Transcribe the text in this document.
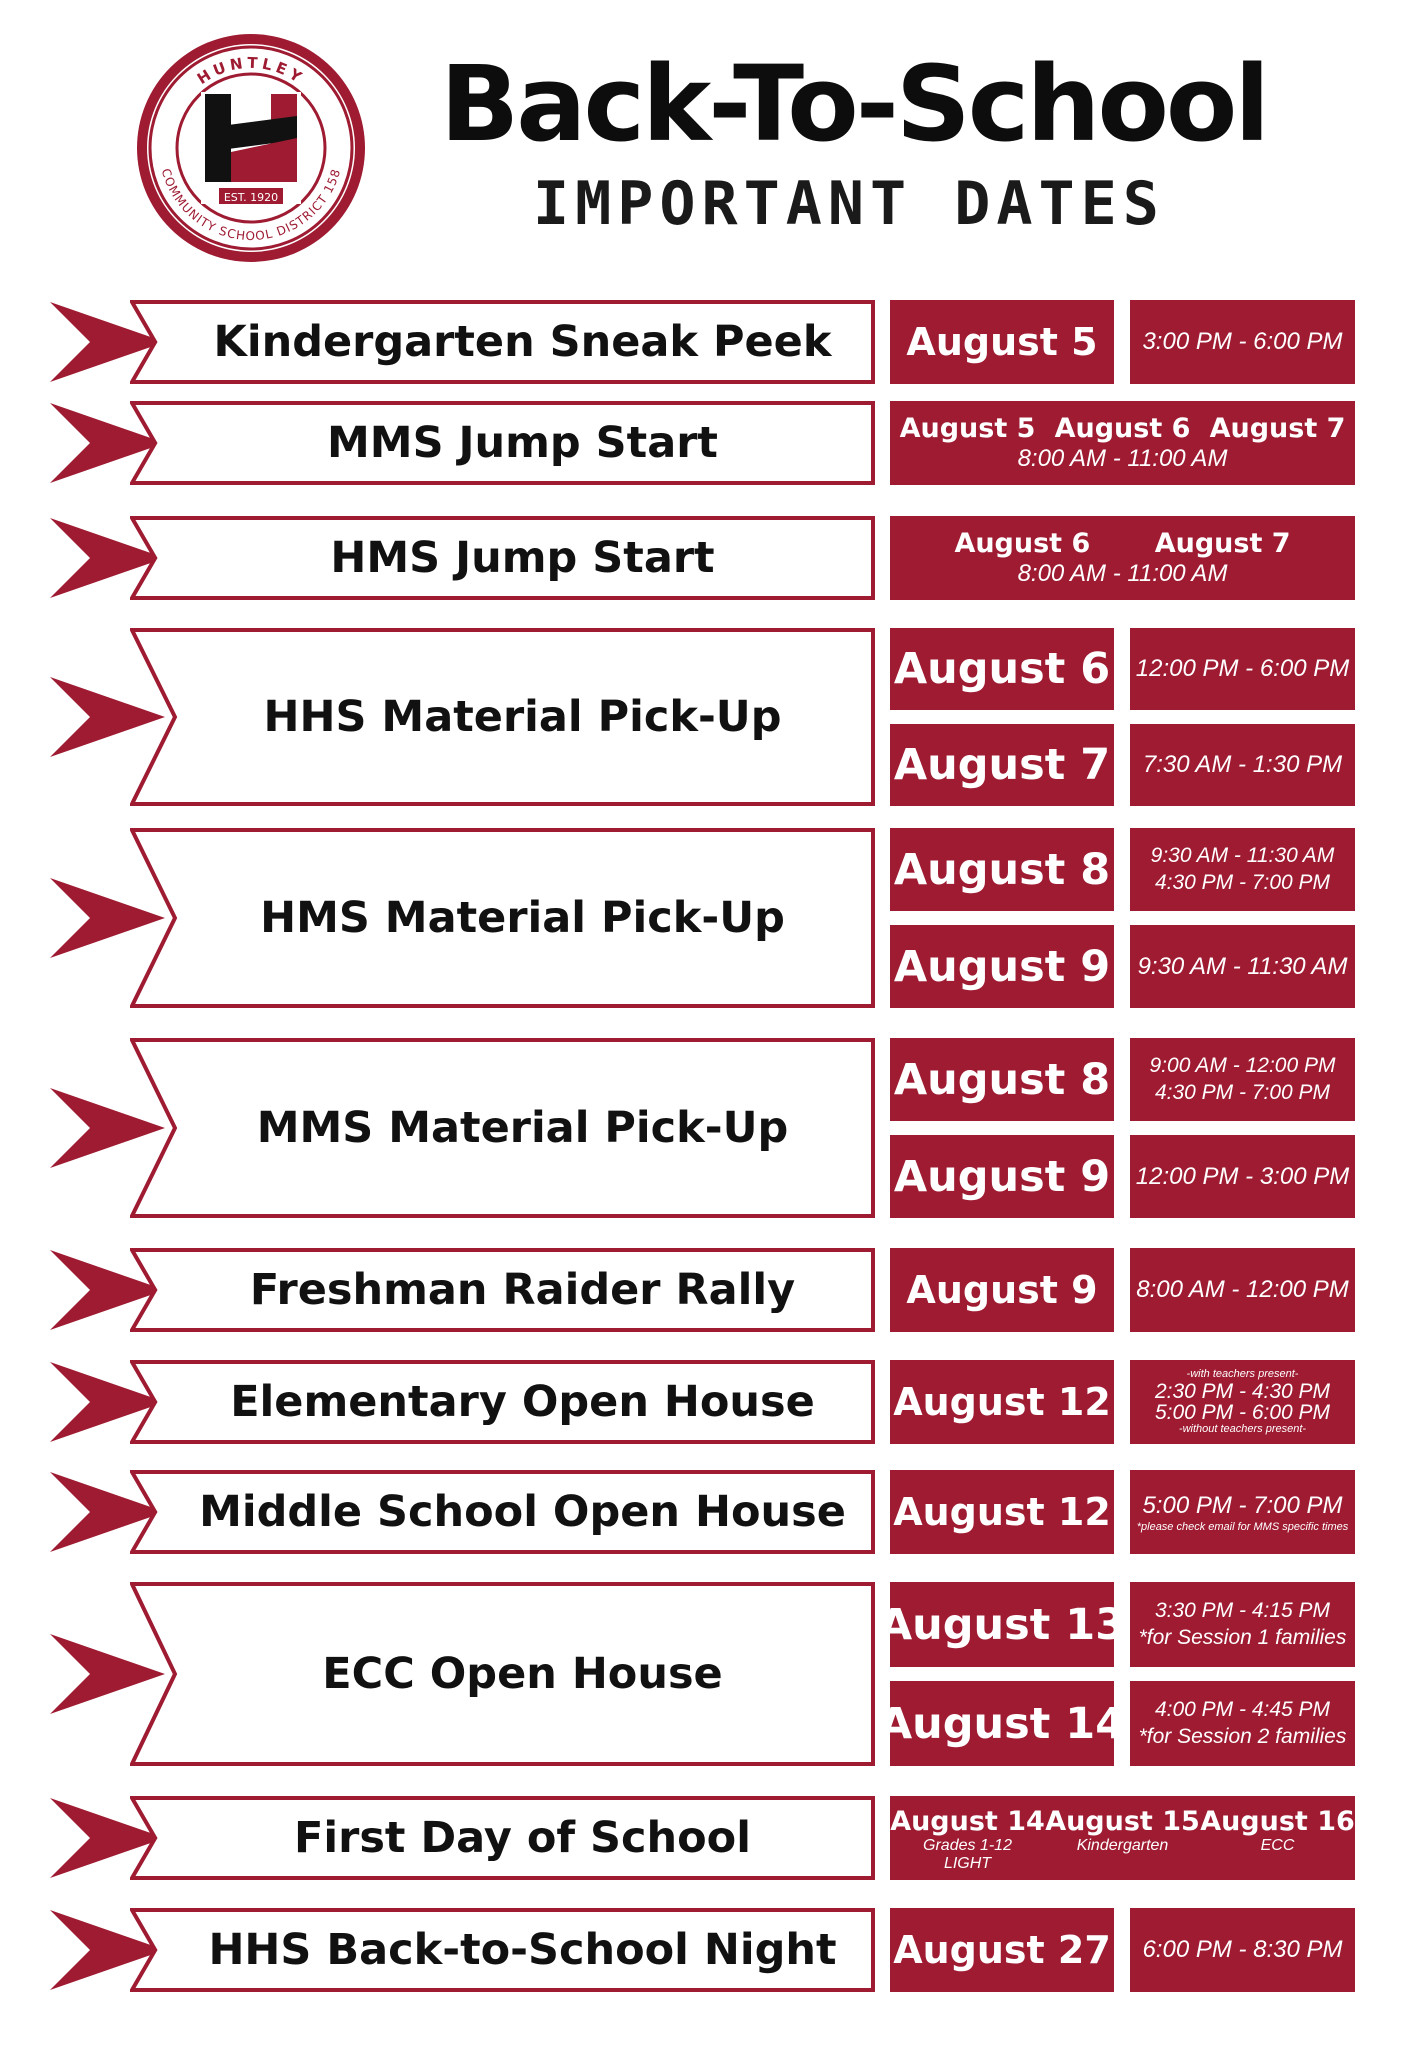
HUNTLEY
COMMUNITY SCHOOL DISTRICT 158
EST. 1920
Back-To-School
IMPORTANT DATES
Kindergarten Sneak Peek	August 5 3:00 PM - 6:00 PM
MMS Jump Start	August 5 August 6 August 7
8:00 AM - 11:00 AM
HMS Jump Start	August 6 August 7
8:00 AM - 11:00 AM
HHS Material Pick-Up
August 6 12:00 PM - 6:00 PM
August 7 7:30 AM - 1:30 PM
HMS Material Pick-Up
August 8 9:30 AM - 11:30 AM
4:30 PM - 7:00 PM
August 9 9:30 AM - 11:30 AM
MMS Material Pick-Up
August 8 9:00 AM - 12:00 PM
4:30 PM - 7:00 PM
August 9 12:00 PM - 3:00 PM
Freshman Raider Rally	August 9 8:00 AM - 12:00 PM
Elementary Open House	August 12
-with teachers present-
2:30 PM - 4:30 PM
5:00 PM - 6:00 PM
-without teachers present-
Middle School Open House	August 12 5:00 PM - 7:00 PM
*please check email for MMS specific times
ECC Open House
August 13 3:30 PM - 4:15 PM
*for Session 1 families
August 14 4:00 PM - 4:45 PM
*for Session 2 families
First Day of School	August 14
Grades 1-12
LIGHT
August 15
Kindergarten
August 16
ECC
HHS Back-to-School Night	August 27 6:00 PM - 8:30 PM
